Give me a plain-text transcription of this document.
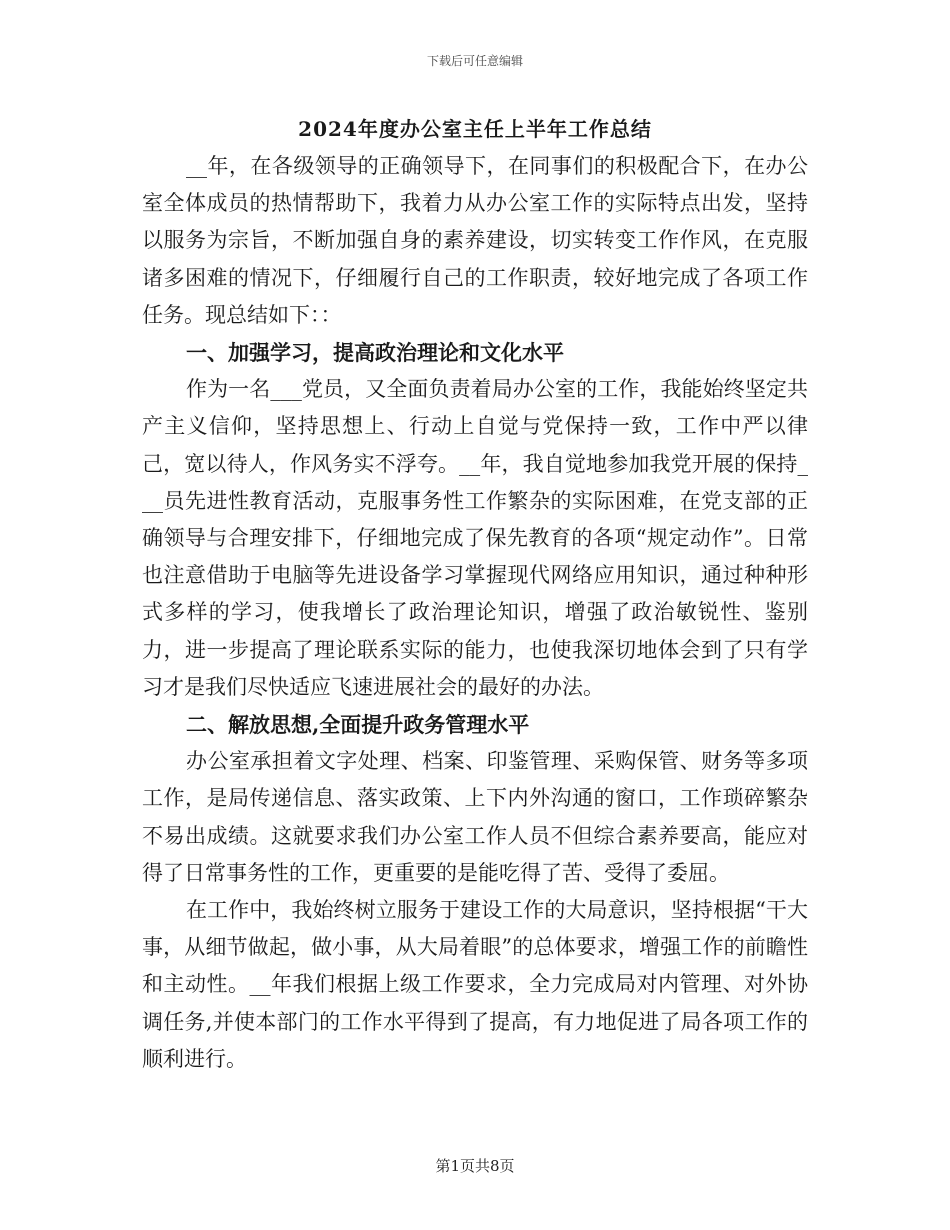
下载后可任意编辑
2024年度办公室主任上半年工作总结

__年，在各级领导的正确领导下，在同事们的积极配合下，在办公室全体成员的热情帮助下，我着力从办公室工作的实际特点出发，坚持以服务为宗旨，不断加强自身的素养建设，切实转变工作作风，在克服诸多困难的情况下，仔细履行自己的工作职责，较好地完成了各项工作任务。现总结如下：：

一、加强学习，提高政治理论和文化水平

作为一名___党员，又全面负责着局办公室的工作，我能始终坚定共产主义信仰，坚持思想上、行动上自觉与党保持一致，工作中严以律己，宽以待人，作风务实不浮夸。__年，我自觉地参加我党开展的保持___员先进性教育活动，克服事务性工作繁杂的实际困难，在党支部的正确领导与合理安排下，仔细地完成了保先教育的各项“规定动作”。日常也注意借助于电脑等先进设备学习掌握现代网络应用知识，通过种种形式多样的学习，使我增长了政治理论知识，增强了政治敏锐性、鉴别力，进一步提高了理论联系实际的能力，也使我深切地体会到了只有学习才是我们尽快适应飞速进展社会的最好的办法。

二、解放思想,全面提升政务管理水平

办公室承担着文字处理、档案、印鉴管理、采购保管、财务等多项工作，是局传递信息、落实政策、上下内外沟通的窗口，工作琐碎繁杂不易出成绩。这就要求我们办公室工作人员不但综合素养要高，能应对得了日常事务性的工作，更重要的是能吃得了苦、受得了委屈。

在工作中，我始终树立服务于建设工作的大局意识，坚持根据“干大事，从细节做起，做小事，从大局着眼”的总体要求，增强工作的前瞻性和主动性。__年我们根据上级工作要求，全力完成局对内管理、对外协调任务,并使本部门的工作水平得到了提高，有力地促进了局各项工作的顺利进行。

第1页共8页
